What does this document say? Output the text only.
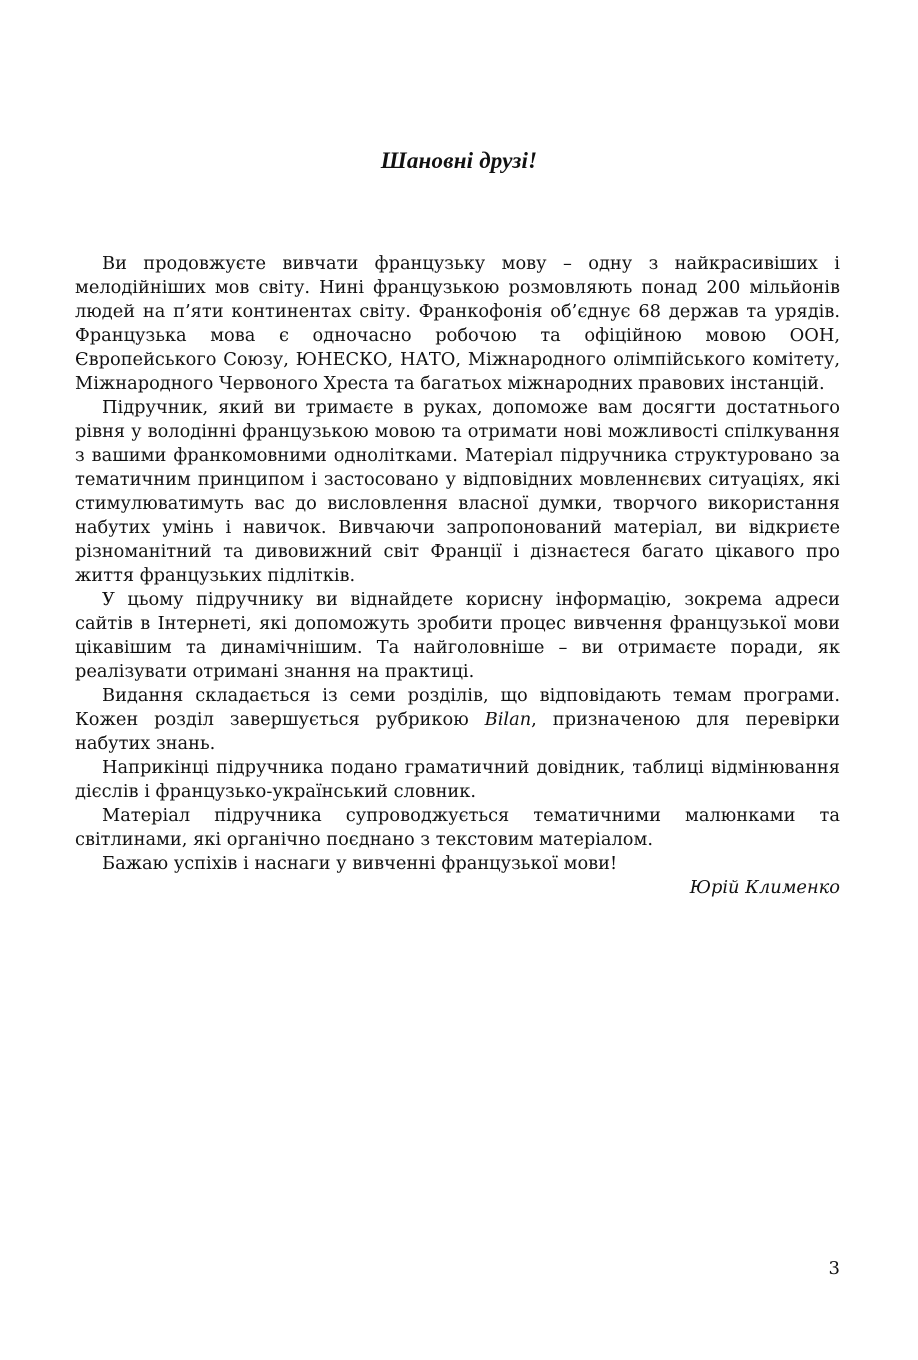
Шановні друзі!

Ви продовжуєте вивчати французьку мову – одну з найкрасивіших і мелодійніших мов світу. Нині французькою розмовляють понад 200 мільйонів людей на п’яти континентах світу. Франкофонія об’єднує 68 держав та урядів. Французька мова є одночасно робочою та офіційною мовою ООН, Європейського Союзу, ЮНЕСКО, НАТО, Міжнародного олімпійського комітету, Міжнародного Червоного Хреста та багатьох міжнародних правових інстанцій.

Підручник, який ви тримаєте в руках, допоможе вам досягти достатнього рівня у володінні французькою мовою та отримати нові можливості спілкування з вашими франкомовними однолітками. Матеріал підручника структуровано за тематичним принципом і застосовано у відповідних мовленнєвих ситуаціях, які стимулюватимуть вас до висловлення власної думки, творчого використання набутих умінь і навичок. Вивчаючи запропонований матеріал, ви відкриєте різноманітний та дивовижний світ Франції і дізнаєтеся багато цікавого про життя французьких підлітків.

У цьому підручнику ви віднайдете корисну інформацію, зокрема адреси сайтів в Інтернеті, які допоможуть зробити процес вивчення французької мови цікавішим та динамічнішим. Та найголовніше – ви отримаєте поради, як реалізувати отримані знання на практиці.

Видання складається із семи розділів, що відповідають темам програми. Кожен розділ завершується рубрикою Bilan, призначеною для перевірки набутих знань.

Наприкінці підручника подано граматичний довідник, таблиці відмінювання дієслів і французько-український словник.

Матеріал підручника супроводжується тематичними малюнками та світлинами, які органічно поєднано з текстовим матеріалом.

Бажаю успіхів і наснаги у вивченні французької мови!

Юрій Клименко

3
